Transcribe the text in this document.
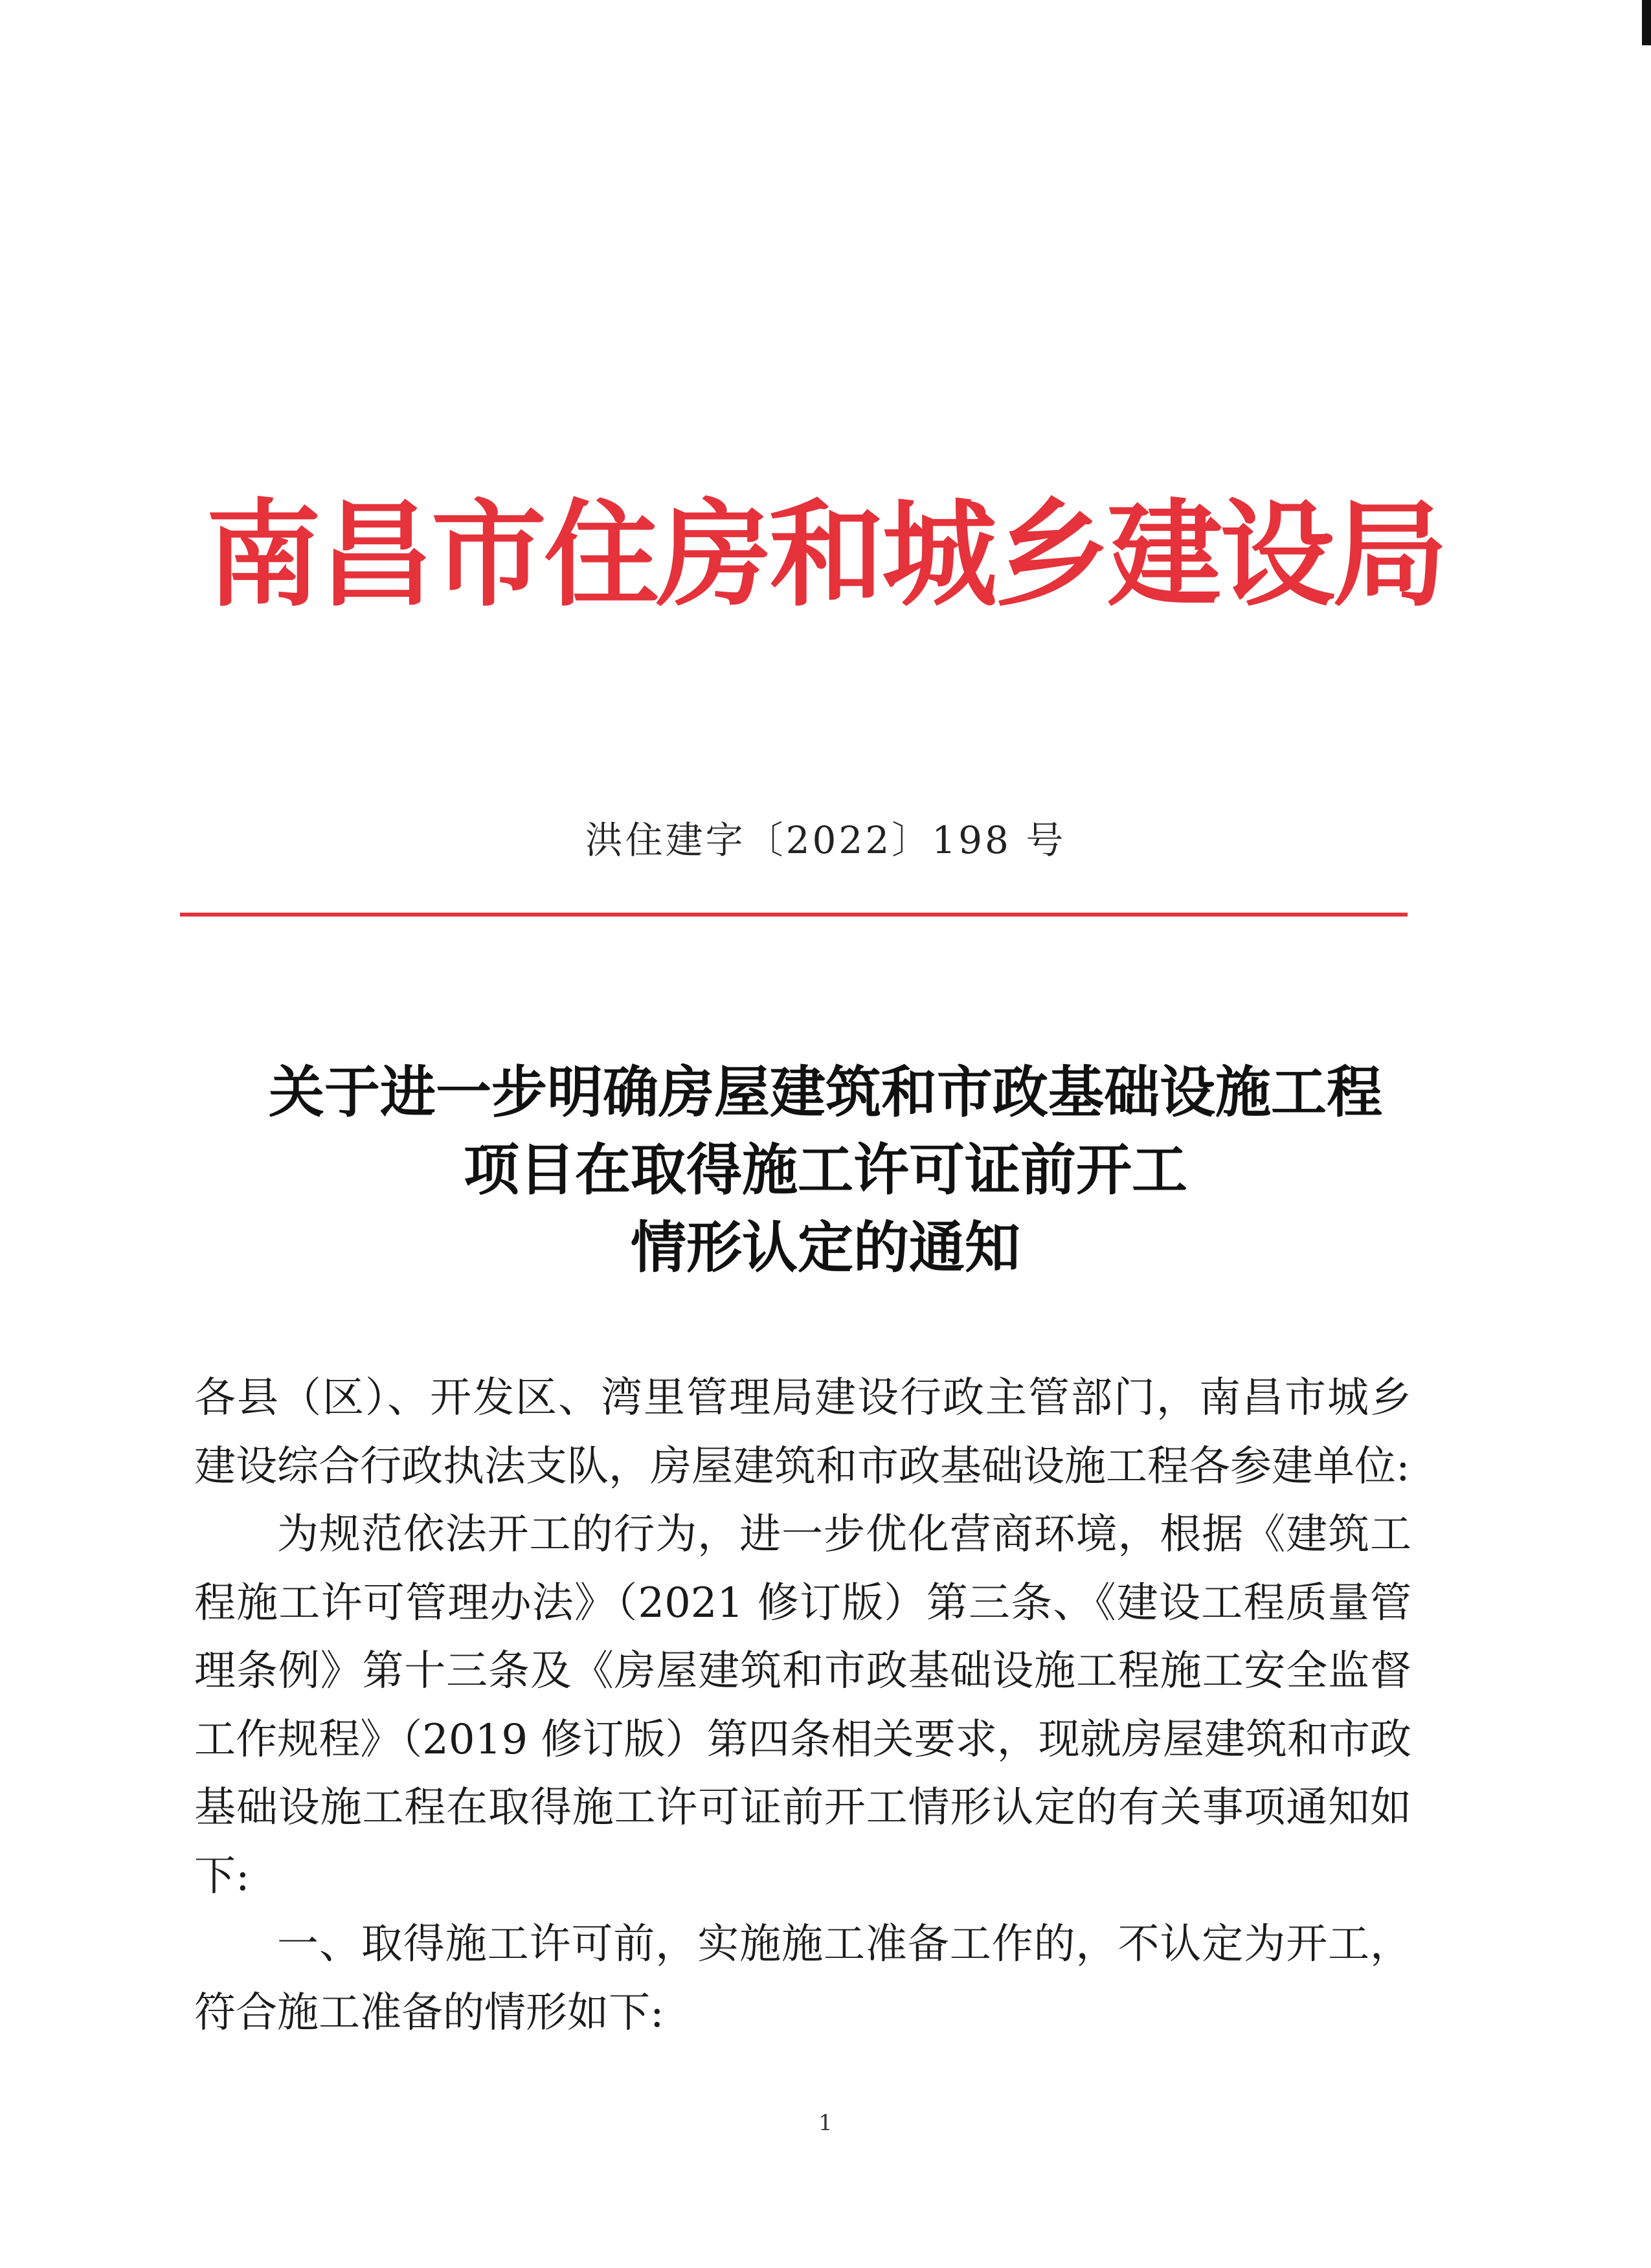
南昌市住房和城乡建设局
洪住建字〔2022〕198 号
关于进一步明确房屋建筑和市政基础设施工程
项目在取得施工许可证前开工
情形认定的通知

各县（区）、开发区、湾里管理局建设行政主管部门，南昌市城乡建设综合行政执法支队，房屋建筑和市政基础设施工程各参建单位:

为规范依法开工的行为，进一步优化营商环境，根据《建筑工程施工许可管理办法》（2021 修订版）第三条、《建设工程质量管理条例》第十三条及《房屋建筑和市政基础设施工程施工安全监督工作规程》（2019 修订版）第四条相关要求，现就房屋建筑和市政基础设施工程在取得施工许可证前开工情形认定的有关事项通知如下:

一、取得施工许可前，实施施工准备工作的，不认定为开工，符合施工准备的情形如下:

1
